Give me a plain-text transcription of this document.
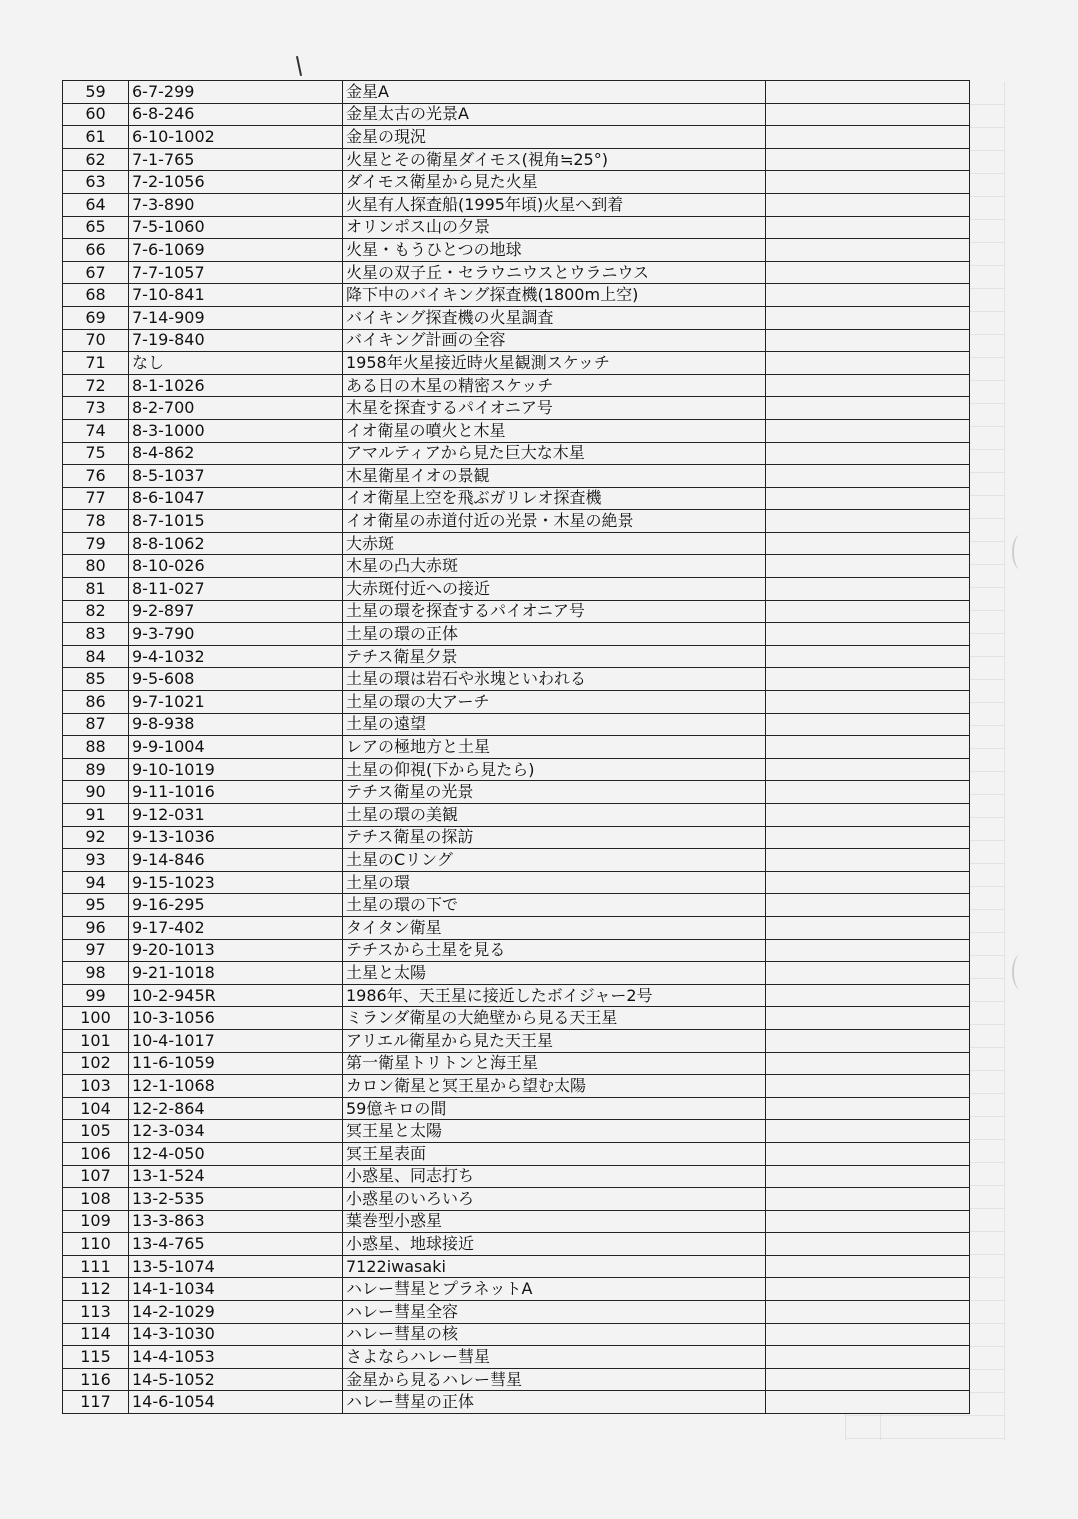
59	6-7-299	金星A	
60	6-8-246	金星太古の光景A	
61	6-10-1002	金星の現況	
62	7-1-765	火星とその衛星ダイモス(視角≒25°)	
63	7-2-1056	ダイモス衛星から見た火星	
64	7-3-890	火星有人探査船(1995年頃)火星へ到着	
65	7-5-1060	オリンポス山の夕景	
66	7-6-1069	火星・もうひとつの地球	
67	7-7-1057	火星の双子丘・セラウニウスとウラニウス	
68	7-10-841	降下中のバイキング探査機(1800m上空)	
69	7-14-909	バイキング探査機の火星調査	
70	7-19-840	バイキング計画の全容	
71	なし	1958年火星接近時火星観測スケッチ	
72	8-1-1026	ある日の木星の精密スケッチ	
73	8-2-700	木星を探査するパイオニア号	
74	8-3-1000	イオ衛星の噴火と木星	
75	8-4-862	アマルティアから見た巨大な木星	
76	8-5-1037	木星衛星イオの景観	
77	8-6-1047	イオ衛星上空を飛ぶガリレオ探査機	
78	8-7-1015	イオ衛星の赤道付近の光景・木星の絶景	
79	8-8-1062	大赤斑	
80	8-10-026	木星の凸大赤斑	
81	8-11-027	大赤斑付近への接近	
82	9-2-897	土星の環を探査するパイオニア号	
83	9-3-790	土星の環の正体	
84	9-4-1032	テチス衛星夕景	
85	9-5-608	土星の環は岩石や氷塊といわれる	
86	9-7-1021	土星の環の大アーチ	
87	9-8-938	土星の遠望	
88	9-9-1004	レアの極地方と土星	
89	9-10-1019	土星の仰視(下から見たら)	
90	9-11-1016	テチス衛星の光景	
91	9-12-031	土星の環の美観	
92	9-13-1036	テチス衛星の探訪	
93	9-14-846	土星のCリング	
94	9-15-1023	土星の環	
95	9-16-295	土星の環の下で	
96	9-17-402	タイタン衛星	
97	9-20-1013	テチスから土星を見る	
98	9-21-1018	土星と太陽	
99	10-2-945R	1986年、天王星に接近したボイジャー2号	
100	10-3-1056	ミランダ衛星の大絶壁から見る天王星	
101	10-4-1017	アリエル衛星から見た天王星	
102	11-6-1059	第一衛星トリトンと海王星	
103	12-1-1068	カロン衛星と冥王星から望む太陽	
104	12-2-864	59億キロの間	
105	12-3-034	冥王星と太陽	
106	12-4-050	冥王星表面	
107	13-1-524	小惑星、同志打ち	
108	13-2-535	小惑星のいろいろ	
109	13-3-863	葉巻型小惑星	
110	13-4-765	小惑星、地球接近	
111	13-5-1074	7122iwasaki	
112	14-1-1034	ハレー彗星とプラネットA	
113	14-2-1029	ハレー彗星全容	
114	14-3-1030	ハレー彗星の核	
115	14-4-1053	さよならハレー彗星	
116	14-5-1052	金星から見るハレー彗星	
117	14-6-1054	ハレー彗星の正体	
